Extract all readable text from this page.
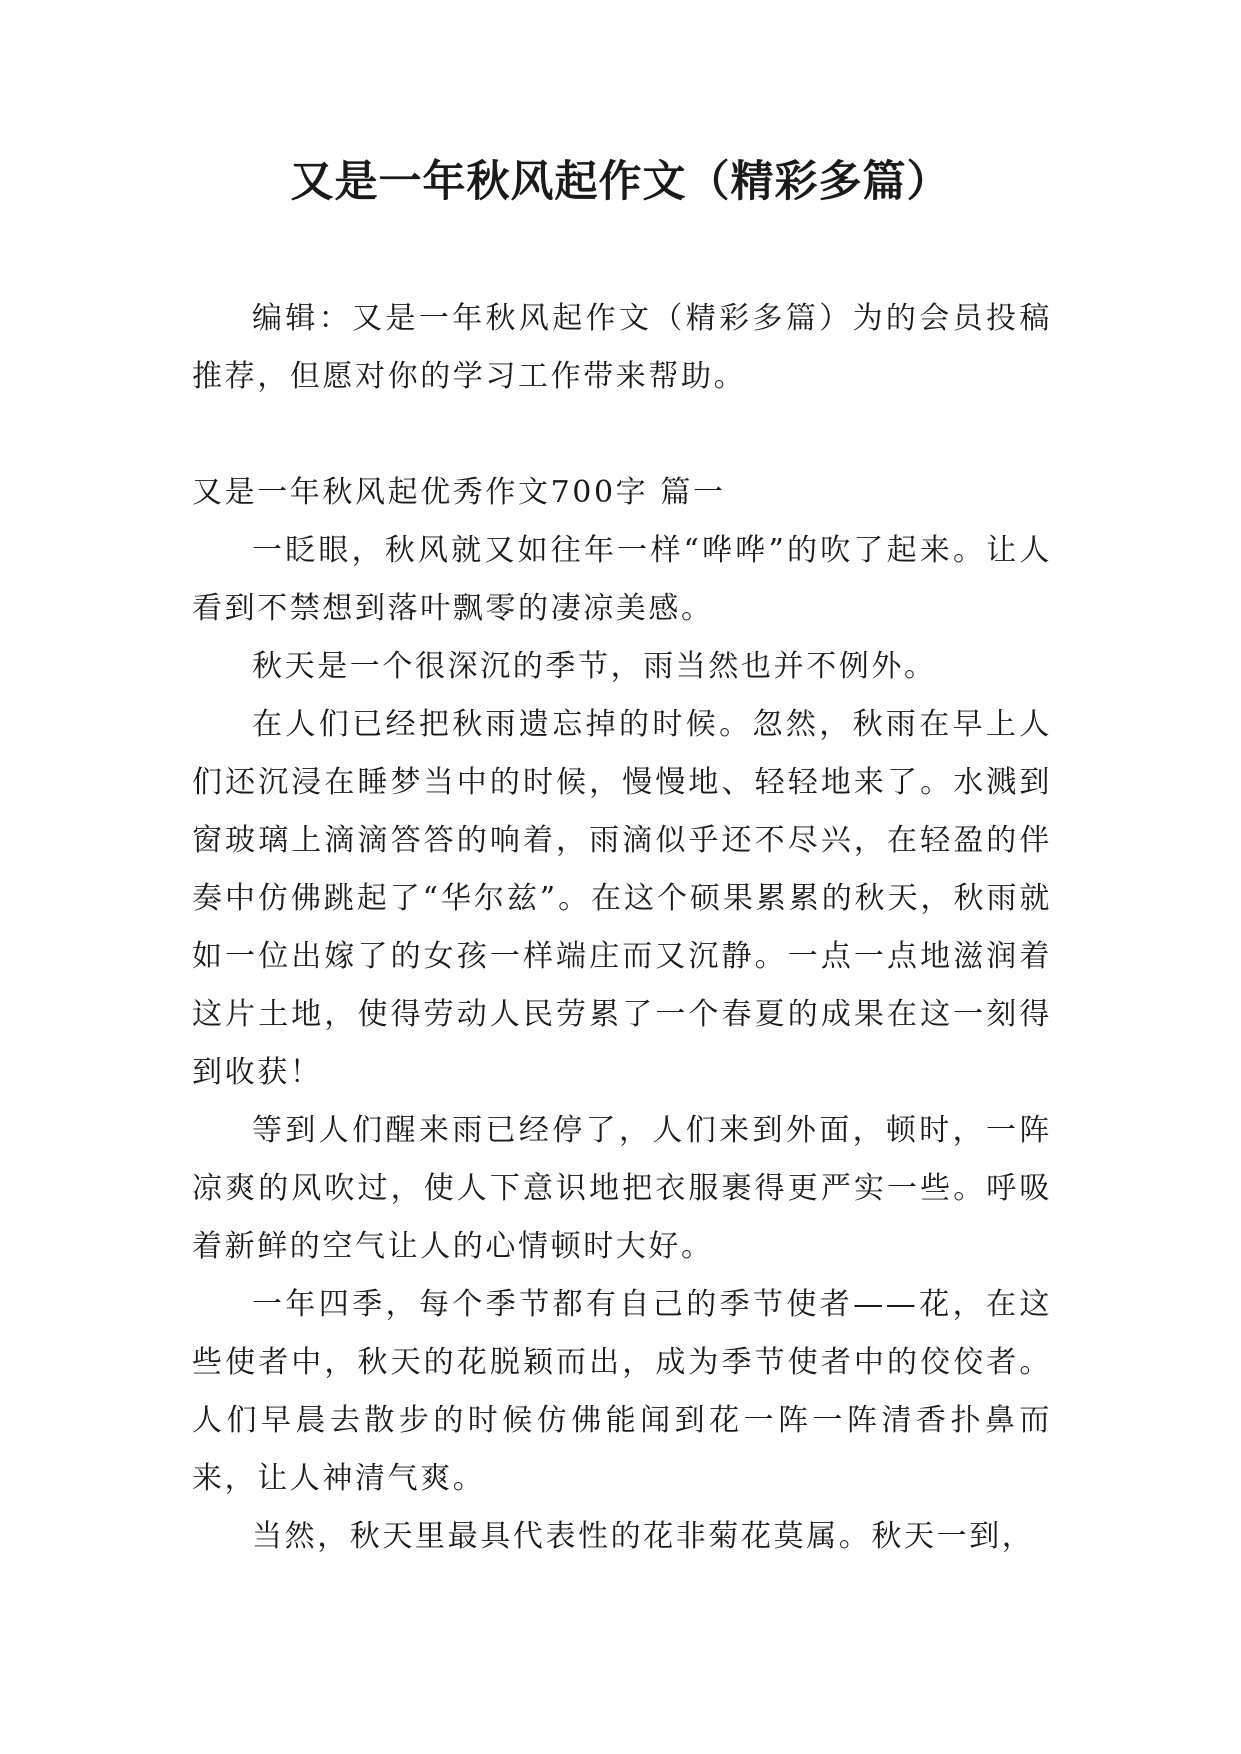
又是一年秋风起作文（精彩多篇）

编辑：又是一年秋风起作文（精彩多篇）为的会员投稿推荐，但愿对你的学习工作带来帮助。

又是一年秋风起优秀作文700字 篇一

一眨眼，秋风就又如往年一样“哗哗”的吹了起来。让人看到不禁想到落叶飘零的凄凉美感。

秋天是一个很深沉的季节，雨当然也并不例外。

在人们已经把秋雨遗忘掉的时候。忽然，秋雨在早上人们还沉浸在睡梦当中的时候，慢慢地、轻轻地来了。水溅到窗玻璃上滴滴答答的响着，雨滴似乎还不尽兴，在轻盈的伴奏中仿佛跳起了“华尔兹”。在这个硕果累累的秋天，秋雨就如一位出嫁了的女孩一样端庄而又沉静。一点一点地滋润着这片土地，使得劳动人民劳累了一个春夏的成果在这一刻得到收获！

等到人们醒来雨已经停了，人们来到外面，顿时，一阵凉爽的风吹过，使人下意识地把衣服裹得更严实一些。呼吸着新鲜的空气让人的心情顿时大好。

一年四季，每个季节都有自己的季节使者——花，在这些使者中，秋天的花脱颖而出，成为季节使者中的佼佼者。人们早晨去散步的时候仿佛能闻到花一阵一阵清香扑鼻而来，让人神清气爽。

当然，秋天里最具代表性的花非菊花莫属。秋天一到，
